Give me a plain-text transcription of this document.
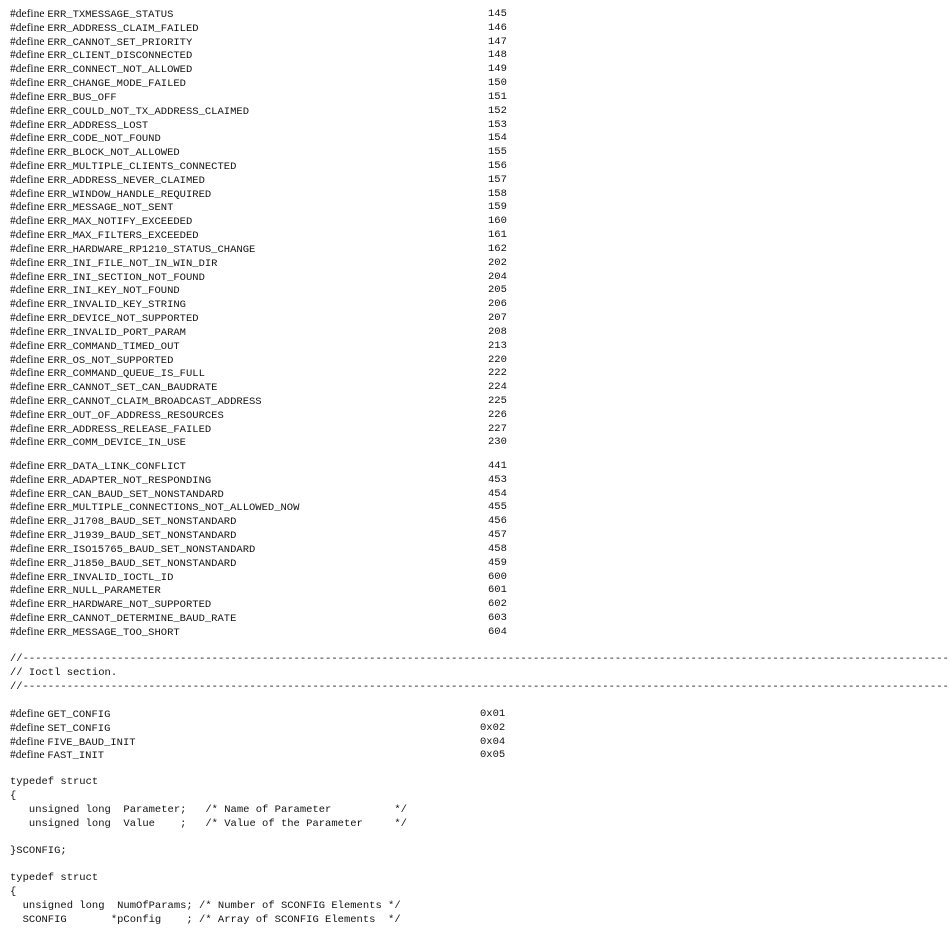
#define ERR_TXMESSAGE_STATUS	145
#define ERR_ADDRESS_CLAIM_FAILED	146
#define ERR_CANNOT_SET_PRIORITY	147
#define ERR_CLIENT_DISCONNECTED	148
#define ERR_CONNECT_NOT_ALLOWED	149
#define ERR_CHANGE_MODE_FAILED	150
#define ERR_BUS_OFF	151
#define ERR_COULD_NOT_TX_ADDRESS_CLAIMED	152
#define ERR_ADDRESS_LOST	153
#define ERR_CODE_NOT_FOUND	154
#define ERR_BLOCK_NOT_ALLOWED	155
#define ERR_MULTIPLE_CLIENTS_CONNECTED	156
#define ERR_ADDRESS_NEVER_CLAIMED	157
#define ERR_WINDOW_HANDLE_REQUIRED	158
#define ERR_MESSAGE_NOT_SENT	159
#define ERR_MAX_NOTIFY_EXCEEDED	160
#define ERR_MAX_FILTERS_EXCEEDED	161
#define ERR_HARDWARE_RP1210_STATUS_CHANGE	162
#define ERR_INI_FILE_NOT_IN_WIN_DIR	202
#define ERR_INI_SECTION_NOT_FOUND	204
#define ERR_INI_KEY_NOT_FOUND	205
#define ERR_INVALID_KEY_STRING	206
#define ERR_DEVICE_NOT_SUPPORTED	207
#define ERR_INVALID_PORT_PARAM	208
#define ERR_COMMAND_TIMED_OUT	213
#define ERR_OS_NOT_SUPPORTED	220
#define ERR_COMMAND_QUEUE_IS_FULL	222
#define ERR_CANNOT_SET_CAN_BAUDRATE	224
#define ERR_CANNOT_CLAIM_BROADCAST_ADDRESS	225
#define ERR_OUT_OF_ADDRESS_RESOURCES	226
#define ERR_ADDRESS_RELEASE_FAILED	227
#define ERR_COMM_DEVICE_IN_USE	230
#define ERR_DATA_LINK_CONFLICT	441
#define ERR_ADAPTER_NOT_RESPONDING	453
#define ERR_CAN_BAUD_SET_NONSTANDARD	454
#define ERR_MULTIPLE_CONNECTIONS_NOT_ALLOWED_NOW	455
#define ERR_J1708_BAUD_SET_NONSTANDARD	456
#define ERR_J1939_BAUD_SET_NONSTANDARD	457
#define ERR_ISO15765_BAUD_SET_NONSTANDARD	458
#define ERR_J1850_BAUD_SET_NONSTANDARD	459
#define ERR_INVALID_IOCTL_ID	600
#define ERR_NULL_PARAMETER	601
#define ERR_HARDWARE_NOT_SUPPORTED	602
#define ERR_CANNOT_DETERMINE_BAUD_RATE	603
#define ERR_MESSAGE_TOO_SHORT	604
//---------------------------------------------------------------------------------------------------------------------------------------------------
// Ioctl section.
//---------------------------------------------------------------------------------------------------------------------------------------------------
#define GET_CONFIG	0x01
#define SET_CONFIG	0x02
#define FIVE_BAUD_INIT	0x04
#define FAST_INIT	0x05
typedef struct
{
unsigned long  Parameter;   /* Name of Parameter          */
unsigned long  Value    ;   /* Value of the Parameter     */
}SCONFIG;
typedef struct
{
unsigned long  NumOfParams; /* Number of SCONFIG Elements */
SCONFIG       *pConfig    ; /* Array of SCONFIG Elements  */
